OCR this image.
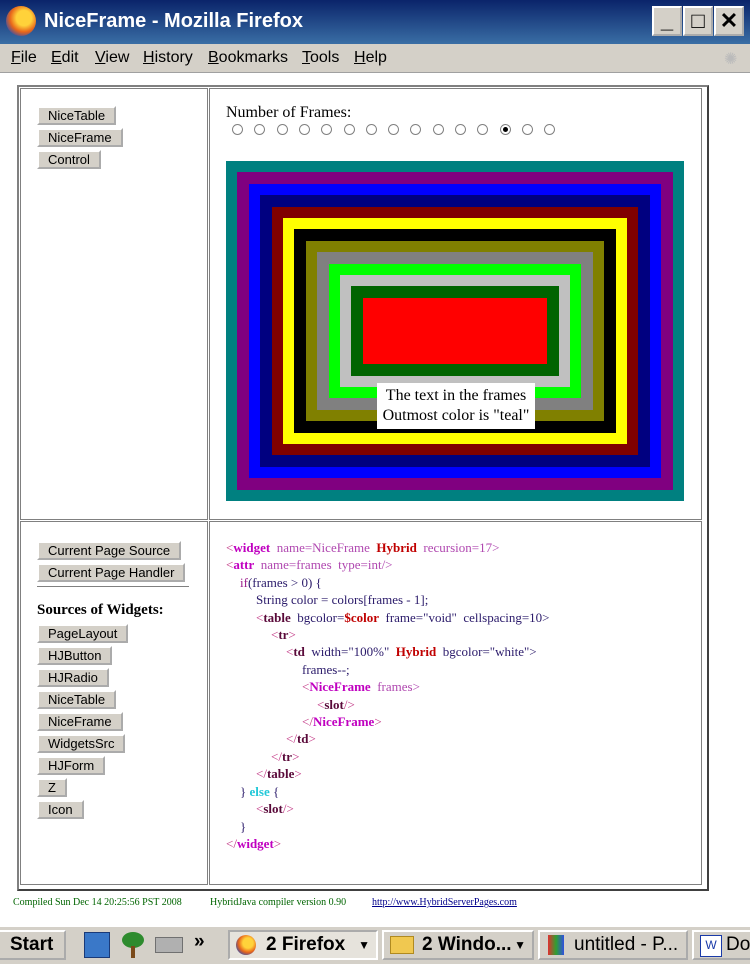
NiceFrame - Mozilla Firefox	_ □ ✕
File Edit View History Bookmarks Tools Help	✺
NiceTable
NiceFrame
Control
Number of Frames:
The text in the frames
Outmost color is "teal"
Current Page Source
Current Page Handler
Sources of Widgets:
PageLayout
HJButton
HJRadio
NiceTable
NiceFrame
WidgetsSrc
HJForm
Z
Icon
<widget  name=NiceFrame  Hybrid  recursion=17>
<attr  name=frames  type=int/>
if(frames > 0) {
String color = colors[frames - 1];
<table  bgcolor=$color  frame="void"  cellspacing=10>
<tr>
<td  width="100%"  Hybrid  bgcolor="white">
frames--;
<NiceFrame  frames>
<slot/>
</NiceFrame>
</td>
</tr>
</table>
} else {
<slot/>
}
</widget>
Compiled Sun Dec 14 20:25:56 PST 2008	HybridJava compiler version 0.90	http://www.HybridServerPages.com
Start	»	2 Firefox ▼	2 Windo... ▼	untitled - P...	Do
W
